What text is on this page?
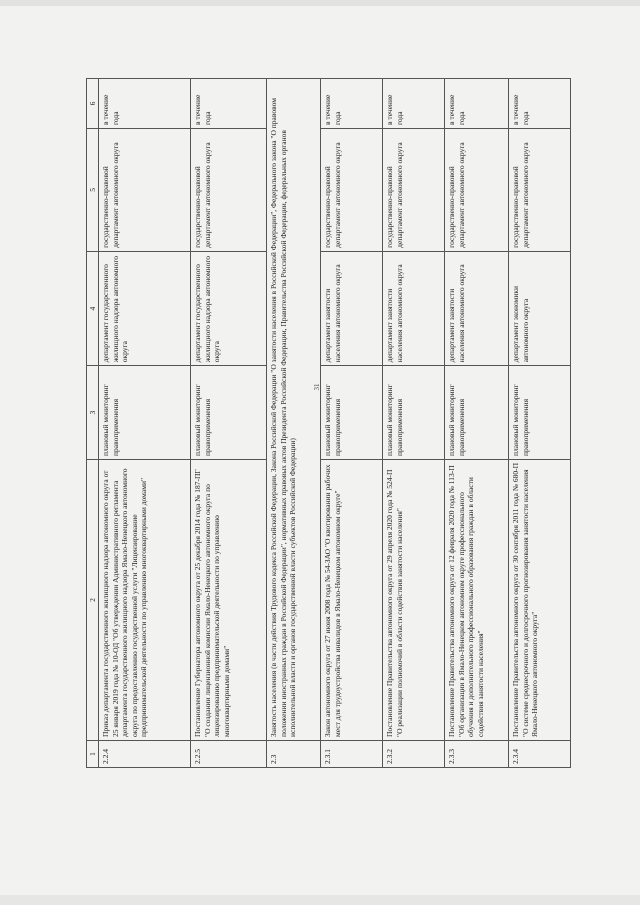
31
1	2	3	4	5	6
2.2.4	Приказ департамента государственного жилищного надзора автономного округа от 25 января 2019 года № 10-ОД "Об утверждении Административного регламента департамента государственного жилищного надзора Ямало-Ненецкого автономного округа по предоставлению государственной услуги "Лицензирование предпринимательской деятельности по управлению многоквартирными домами"	плановый мониторинг правоприменения	департамент государственного жилищного надзора автономного округа	государственно-правовой департамент автономного округа	в течение года
2.2.5	Постановление Губернатора автономного округа от 25 декабря 2014 года № 187-ПГ "О создании лицензионной комиссии Ямало-Ненецкого автономного округа по лицензированию предпринимательской деятельности по управлению многоквартирными домами"	плановый мониторинг правоприменения	департамент государственного жилищного надзора автономного округа	государственно-правовой департамент автономного округа	в течение года
2.3	Занятость населения (в части действия Трудового кодекса Российской Федерации, Закона Российской Федерации "О занятости населения в Российской Федерации", Федерального закона "О правовом положении иностранных граждан в Российской Федерации", нормативных правовых актов Президента Российской Федерации, Правительства Российской Федерации, федеральных органов исполнительной власти и органов государственной власти субъектов Российской Федерации)				
2.3.1	Закон автономного округа от 27 июня 2008 года № 54-ЗАО "О квотировании рабочих мест для трудоустройства инвалидов в Ямало-Ненецком автономном округе"	плановый мониторинг правоприменения	департамент занятости населения автономного округа	государственно-правовой департамент автономного округа	в течение года
2.3.2	Постановление Правительства автономного округа от 29 апреля 2020 года № 524-П "О реализации полномочий в области содействия занятости населения"	плановый мониторинг правоприменения	департамент занятости населения автономного округа	государственно-правовой департамент автономного округа	в течение года
2.3.3	Постановление Правительства автономного округа от 12 февраля 2020 года № 113-П "Об организации в Ямало-Ненецком автономном округе профессионального обучения и дополнительного профессионального образования граждан в области содействия занятости населения"	плановый мониторинг правоприменения	департамент занятости населения автономного округа	государственно-правовой департамент автономного округа	в течение года
2.3.4	Постановление Правительства автономного округа от 30 сентября 2011 года № 680-П "О системе среднесрочного и долгосрочного прогнозирования занятости населения Ямало-Ненецкого автономного округа"	плановый мониторинг правоприменения	департамент экономики автономного округа	государственно-правовой департамент автономного округа	в течение года
